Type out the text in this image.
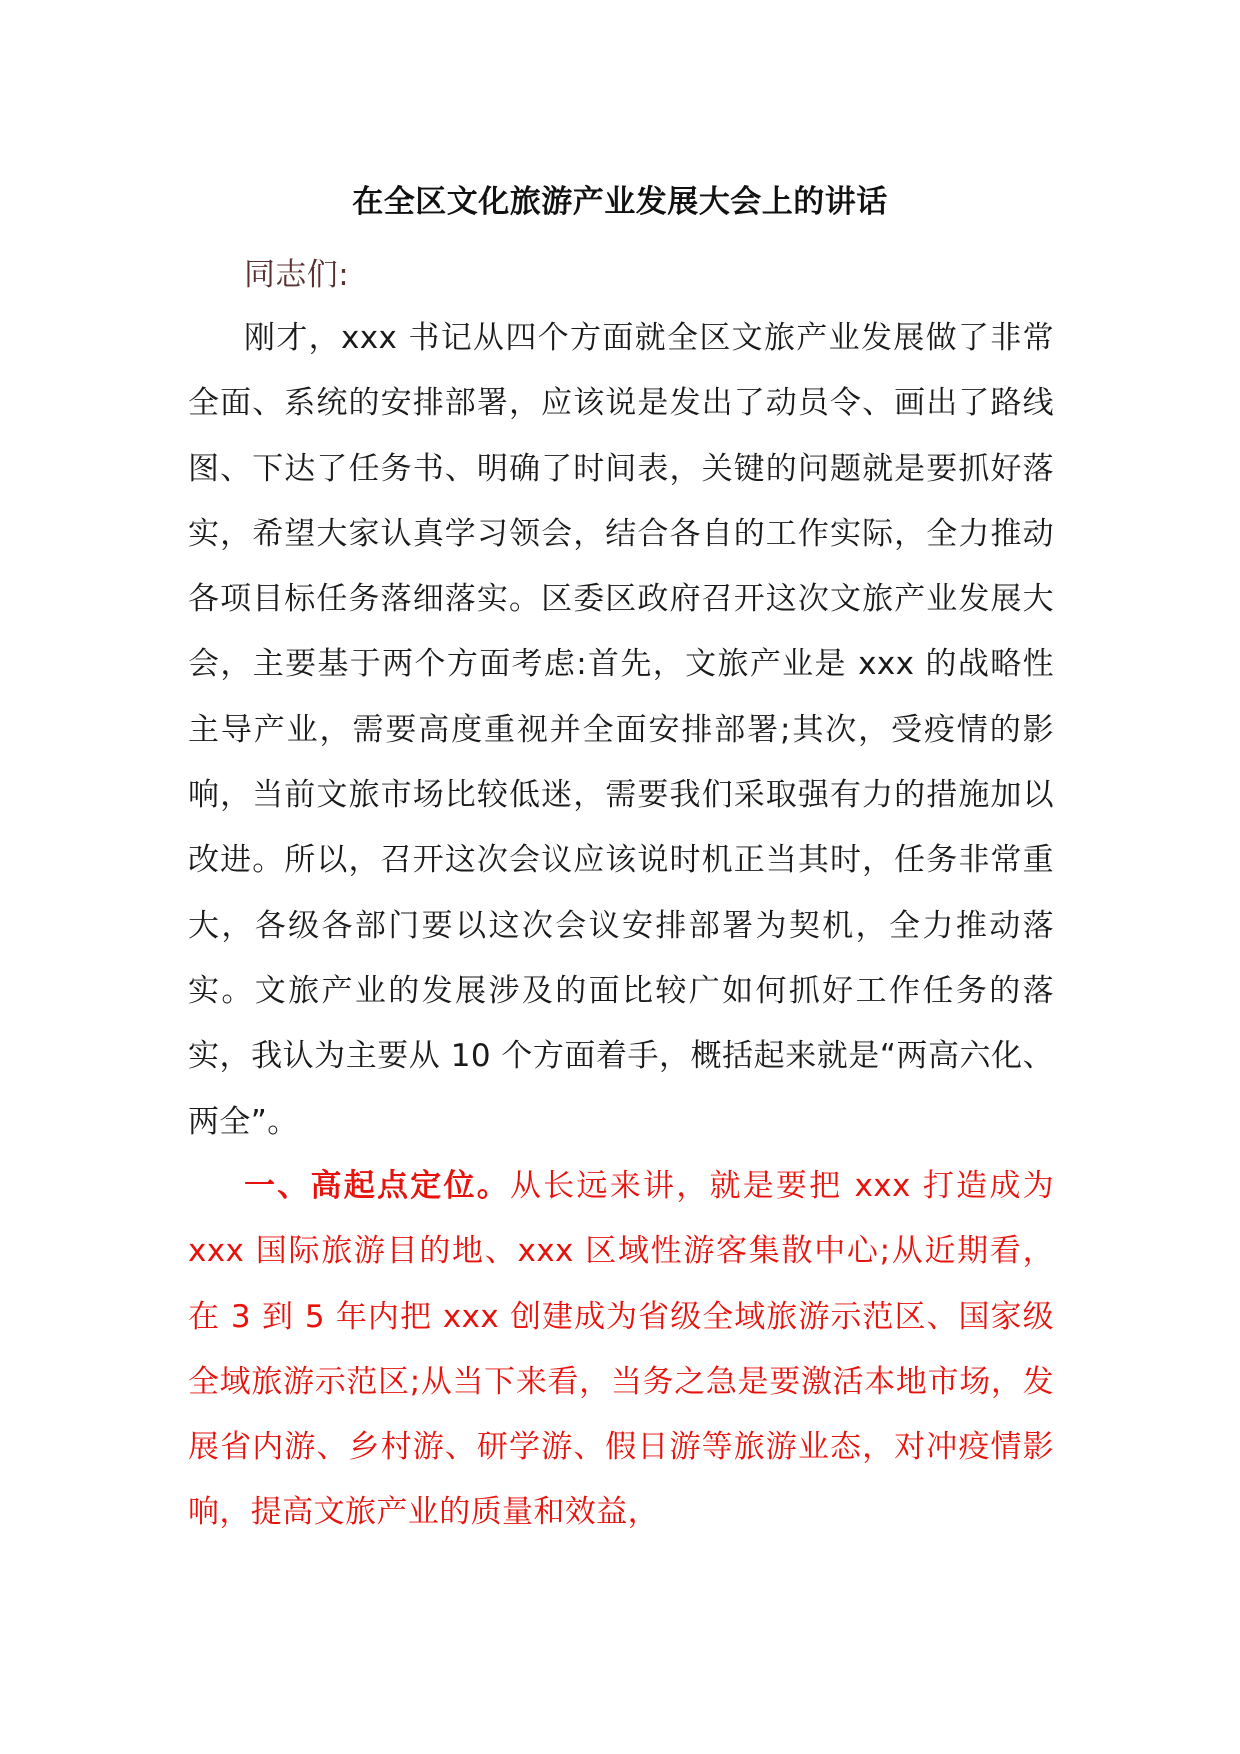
在全区文化旅游产业发展大会上的讲话
同志们:
刚才，xxx 书记从四个方面就全区文旅产业发展做了非常全面、系统的安排部署，应该说是发出了动员令、画出了路线图、下达了任务书、明确了时间表，关键的问题就是要抓好落实，希望大家认真学习领会，结合各自的工作实际，全力推动各项目标任务落细落实。区委区政府召开这次文旅产业发展大会，主要基于两个方面考虑:首先，文旅产业是 xxx 的战略性主导产业，需要高度重视并全面安排部署;其次，受疫情的影响，当前文旅市场比较低迷，需要我们采取强有力的措施加以改进。所以，召开这次会议应该说时机正当其时，任务非常重大，各级各部门要以这次会议安排部署为契机，全力推动落实。文旅产业的发展涉及的面比较广如何抓好工作任务的落实，我认为主要从 10 个方面着手，概括起来就是“两高六化、两全”。
一、高起点定位。从长远来讲，就是要把 xxx 打造成为 xxx 国际旅游目的地、xxx 区域性游客集散中心;从近期看，在 3 到 5 年内把 xxx 创建成为省级全域旅游示范区、国家级全域旅游示范区;从当下来看，当务之急是要激活本地市场，发展省内游、乡村游、研学游、假日游等旅游业态，对冲疫情影响，提高文旅产业的质量和效益，
